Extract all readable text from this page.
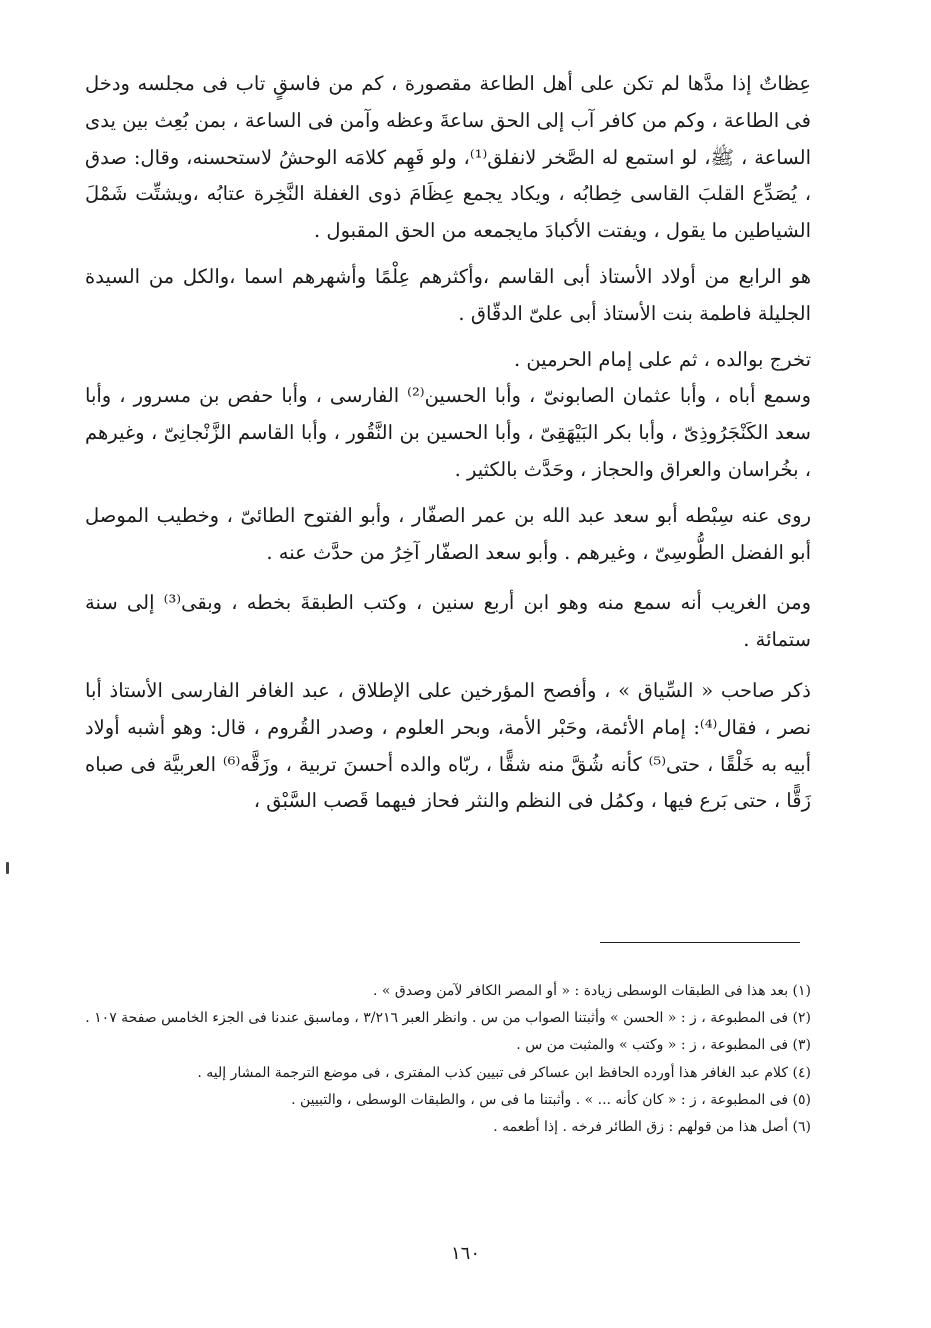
عِظاتٌ إذا مدَّها لم تكن على أهل الطاعة مقصورة ، كم من فاسقٍ تاب فى مجلسه ودخل فى الطاعة ، وكم من كافر آب إلى الحق ساعةَ وعظه وآمن فى الساعة ، بمن بُعِث بين يدى الساعة ، ﷺ، لو استمع له الصَّخر لانفلق⁽¹⁾، ولو فَهِم كلامَه الوحشُ لاستحسنه، وقال: صدق ، يُصَدِّع القلبَ القاسى خِطابُه ، ويكاد يجمع عِظَامَ ذوى الغفلة النَّخِرة عتابُه ،ويشتِّت شَمْلَ الشياطين ما يقول ، ويفتت الأكبادَ مايجمعه من الحق المقبول .

هو الرابع من أولاد الأستاذ أبى القاسم ،وأكثرهم عِلْمًا وأشهرهم اسما ،والكل من السيدة الجليلة فاطمة بنت الأستاذ أبى علىّ الدقّاق .

تخرج بوالده ، ثم على إمام الحرمين .

وسمع أباه ، وأبا عثمان الصابونىّ ، وأبا الحسين⁽²⁾ الفارسى ، وأبا حفص بن مسرور ، وأبا سعد الكَنْجَرُوذِىّ ، وأبا بكر البَيْهَقِىّ ، وأبا الحسين بن النَّقُور ، وأبا القاسم الزَّنْجانِىّ ، وغيرهم ، بخُراسان والعراق والحجاز ، وحَدَّث بالكثير .

روى عنه سِبْطه أبو سعد عبد الله بن عمر الصفّار ، وأبو الفتوح الطائىّ ، وخطيب الموصل أبو الفضل الطُّوسِىّ ، وغيرهم . وأبو سعد الصفّار آخِرُ من حدَّث عنه .

ومن الغريب أنه سمع منه وهو ابن أربع سنين ، وكتب الطبقةَ بخطه ، وبقى⁽³⁾ إلى سنة ستمائة .

ذكر صاحب « السِّياق » ، وأفصح المؤرخين على الإطلاق ، عبد الغافر الفارسى الأستاذ أبا نصر ، فقال⁽⁴⁾: إمام الأئمة، وحَبْر الأمة، وبحر العلوم ، وصدر القُروم ، قال: وهو أشبه أولاد أبيه به خَلْقًا ، حتى⁽⁵⁾ كأنه شُقَّ منه شقًّا ، ربّاه والده أحسنَ تربية ، وزَقَّه⁽⁶⁾ العربيَّة فى صباه زَقًّا ، حتى بَرع فيها ، وكمُل فى النظم والنثر فحاز فيهما قَصب السَّبْق ،

(١) بعد هذا فى الطبقات الوسطى زيادة : « أو المصر الكافر لآمن وصدق » .

(٢) فى المطبوعة ، ز : « الحسن » وأثبتنا الصواب من س . وانظر العبر ٣/٢١٦ ، وماسبق عندنا فى الجزء الخامس صفحة ١٠٧ .

(٣) فى المطبوعة ، ز : « وكتب » والمثبت من س .

(٤) كلام عبد الغافر هذا أورده الحافظ ابن عساكر فى تبيين كذب المفترى ، فى موضع الترجمة المشار إليه .

(٥) فى المطبوعة ، ز : « كان كأنه ... » . وأثبتنا ما فى س ، والطبقات الوسطى ، والتبيين .

(٦) أصل هذا من قولهم : زق الطائر فرخه . إذا أطعمه .

١٦٠
